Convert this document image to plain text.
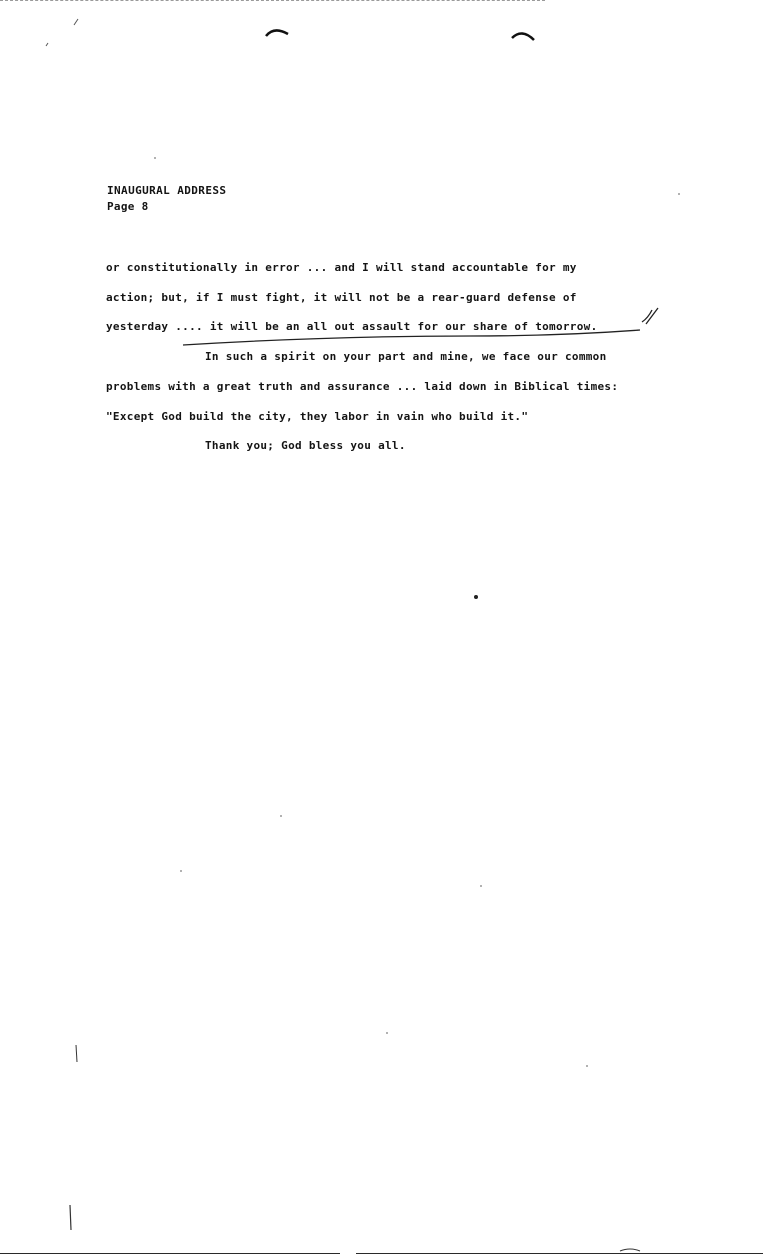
INAUGURAL ADDRESS
Page 8
or constitutionally in error ... and I will stand accountable for my
action; but, if I must fight, it will not be a rear-guard defense of
yesterday .... it will be an all out assault for our share of tomorrow.
In such a spirit on your part and mine, we face our common
problems with a great truth and assurance ... laid down in Biblical times:
"Except God build the city, they labor in vain who build it."
Thank you; God bless you all.
